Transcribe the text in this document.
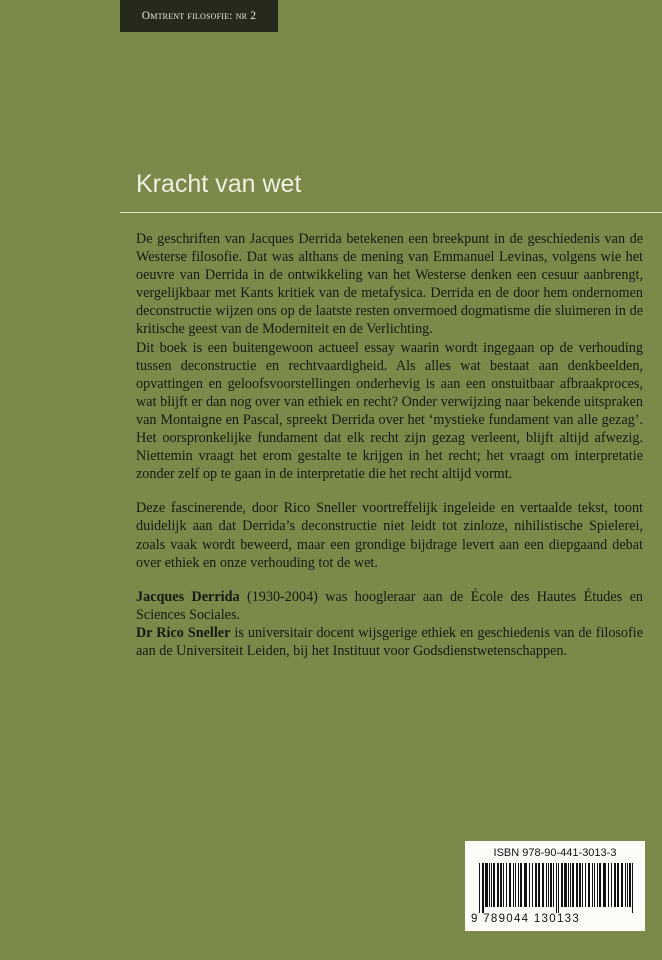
Omtrent filosofie: nr 2
Kracht van wet

De geschriften van Jacques Derrida betekenen een breekpunt in de geschiedenis van de Westerse filosofie. Dat was althans de mening van Emmanuel Levinas, volgens wie het oeuvre van Derrida in de ontwikkeling van het Westerse denken een cesuur aanbrengt, vergelijkbaar met Kants kritiek van de metafysica. Derrida en de door hem ondernomen deconstructie wijzen ons op de laatste resten onvermoed dogmatisme die sluimeren in de kritische geest van de Moderniteit en de Verlichting.

Dit boek is een buitengewoon actueel essay waarin wordt ingegaan op de verhouding tussen deconstructie en rechtvaardigheid. Als alles wat bestaat aan denkbeelden, opvattingen en geloofsvoorstellingen onderhevig is aan een onstuitbaar afbraakproces, wat blijft er dan nog over van ethiek en recht? Onder verwijzing naar bekende uitspraken van Montaigne en Pascal, spreekt Derrida over het ‘mystieke fundament van alle gezag’. Het oorspronkelijke fundament dat elk recht zijn gezag verleent, blijft altijd afwezig. Niettemin vraagt het erom gestalte te krijgen in het recht; het vraagt om interpretatie zonder zelf op te gaan in de interpretatie die het recht altijd vormt.

Deze fascinerende, door Rico Sneller voortreffelijk ingeleide en vertaalde tekst, toont duidelijk aan dat Derrida’s deconstructie niet leidt tot zinloze, nihilistische Spielerei, zoals vaak wordt beweerd, maar een grondige bijdrage levert aan een diepgaand debat over ethiek en onze verhouding tot de wet.

Jacques Derrida (1930-2004) was hoogleraar aan de École des Hautes Études en Sciences Sociales.

Dr Rico Sneller is universitair docent wijsgerige ethiek en geschiedenis van de filosofie aan de Universiteit Leiden, bij het Instituut voor Godsdienstwetenschappen.

ISBN 978-90-441-3013-3
9 789044 130133
